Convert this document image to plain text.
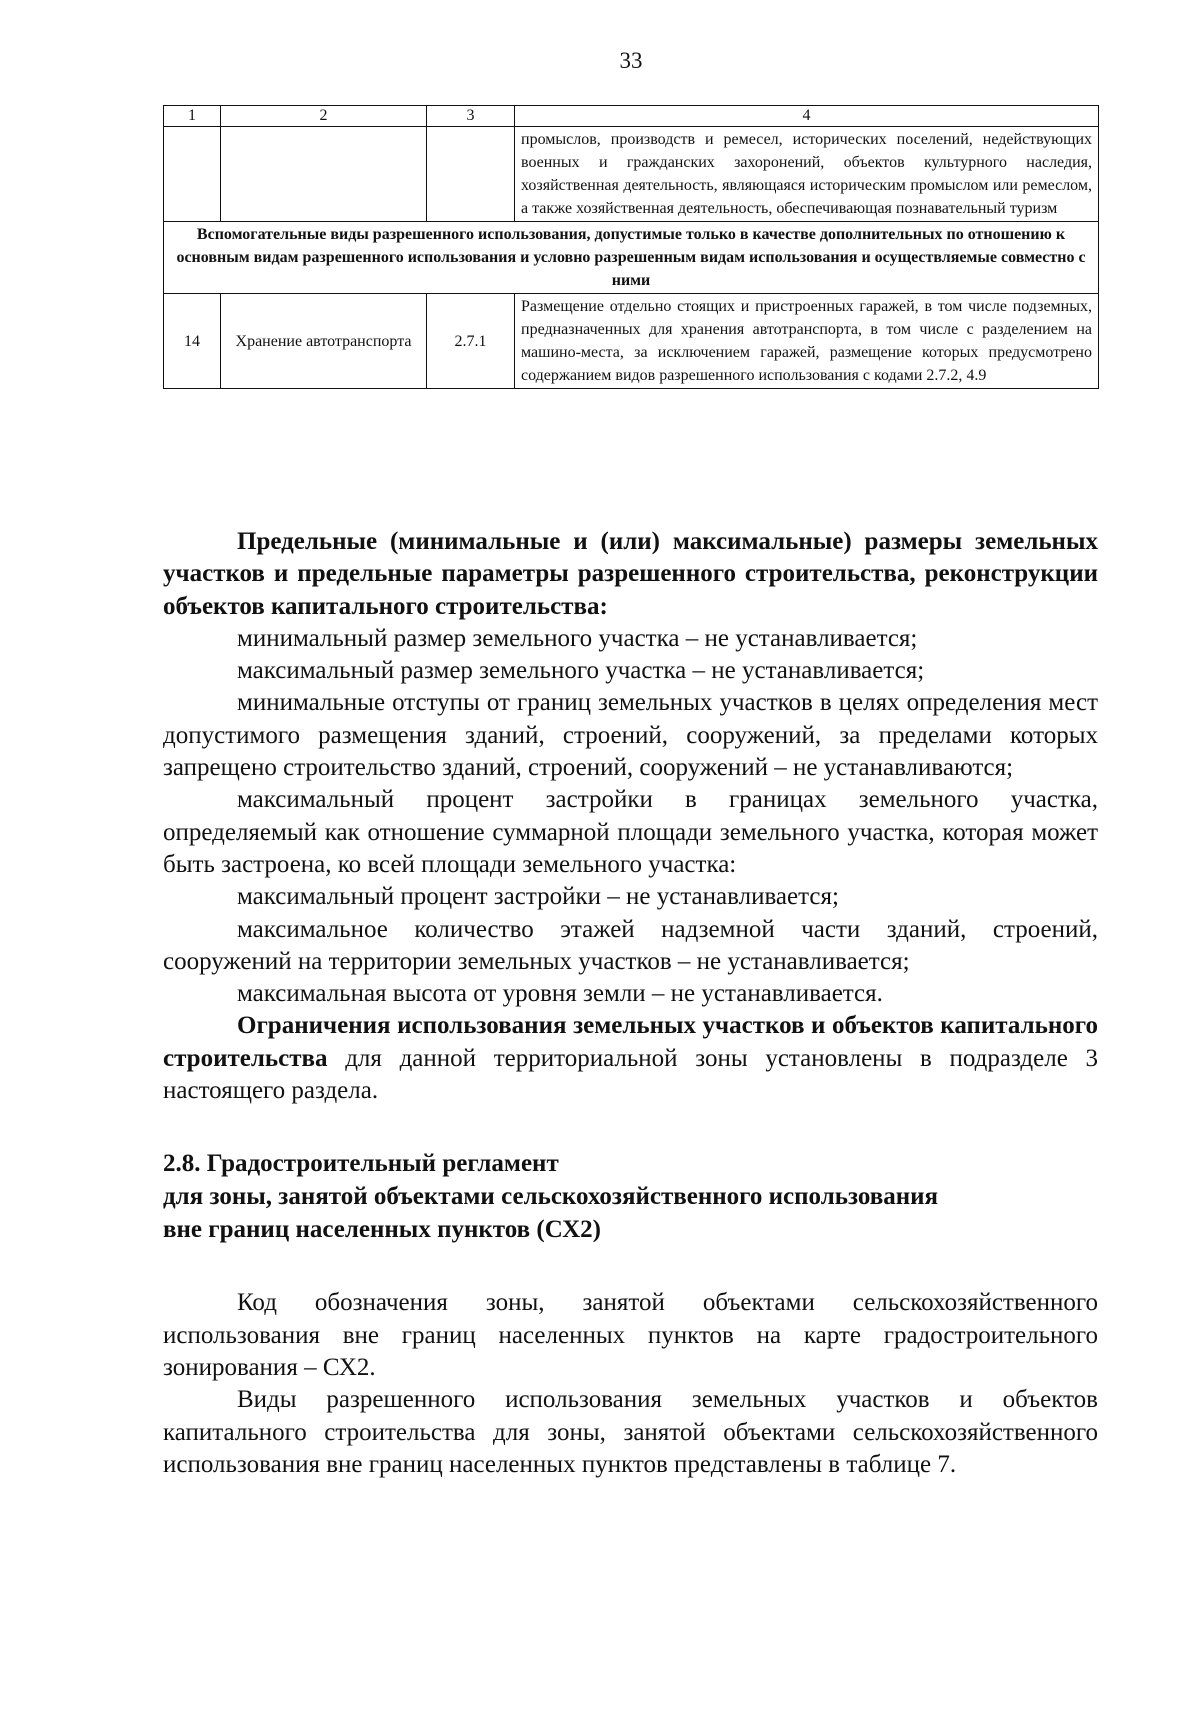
33
1	2	3	4
			промыслов, производств и ремесел, исторических поселений, недействующих военных и гражданских захоронений, объектов культурного наследия, хозяйственная деятельность, являющаяся историческим промыслом или ремеслом, а также хозяйственная деятельность, обеспечивающая познавательный туризм
Вспомогательные виды разрешенного использования, допустимые только в качестве дополнительных по отношению к основным видам разрешенного использования и условно разрешенным видам использования и осуществляемые совместно с ними			
14	Хранение автотранспорта	2.7.1	Размещение отдельно стоящих и пристроенных гаражей, в том числе подземных, предназначенных для хранения автотранспорта, в том числе с разделением на машино-места, за исключением гаражей, размещение которых предусмотрено содержанием видов разрешенного использования с кодами 2.7.2, 4.9

Предельные (минимальные и (или) максимальные) размеры земельных участков и предельные параметры разрешенного строительства, реконструкции объектов капитального строительства:

минимальный размер земельного участка – не устанавливается;

максимальный размер земельного участка – не устанавливается;

минимальные отступы от границ земельных участков в целях определения мест допустимого размещения зданий, строений, сооружений, за пределами которых запрещено строительство зданий, строений, сооружений – не устанавливаются;

максимальный процент застройки в границах земельного участка, определяемый как отношение суммарной площади земельного участка, которая может быть застроена, ко всей площади земельного участка:

максимальный процент застройки – не устанавливается;

максимальное количество этажей надземной части зданий, строений, сооружений на территории земельных участков – не устанавливается;

максимальная высота от уровня земли – не устанавливается.

Ограничения использования земельных участков и объектов капитального строительства для данной территориальной зоны установлены в подразделе 3 настоящего раздела.

2.8. Градостроительный регламент
для зоны, занятой объектами сельскохозяйственного использования
вне границ населенных пунктов (СХ2)

Код обозначения зоны, занятой объектами сельскохозяйственного использования вне границ населенных пунктов на карте градостроительного зонирования – СХ2.

Виды разрешенного использования земельных участков и объектов капитального строительства для зоны, занятой объектами сельскохозяйственного использования вне границ населенных пунктов представлены в таблице 7.
